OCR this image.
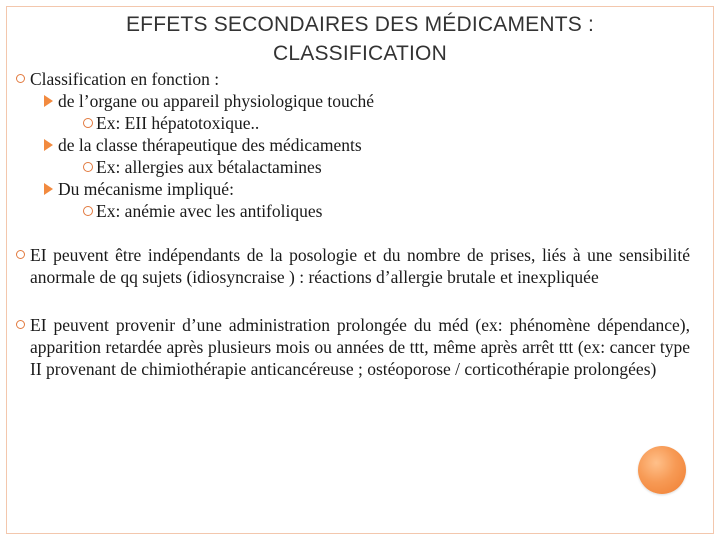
EFFETS SECONDAIRES DES MÉDICAMENTS :
CLASSIFICATION
Classification en fonction :
de l’organe ou appareil physiologique touché
Ex: EII hépatotoxique..
de la classe thérapeutique des médicaments
Ex: allergies aux bétalactamines
Du mécanisme impliqué:
Ex: anémie avec les antifoliques
EI peuvent être indépendants de la posologie et du nombre de prises, liés à une sensibilité anormale de qq sujets (idiosyncraise ) : réactions d’allergie brutale et inexpliquée
EI peuvent provenir d’une administration prolongée du méd (ex: phénomène dépendance), apparition retardée après plusieurs mois ou années de ttt, même après arrêt ttt (ex: cancer type II provenant de chimiothérapie anticancéreuse ; ostéoporose / corticothérapie prolongées)
